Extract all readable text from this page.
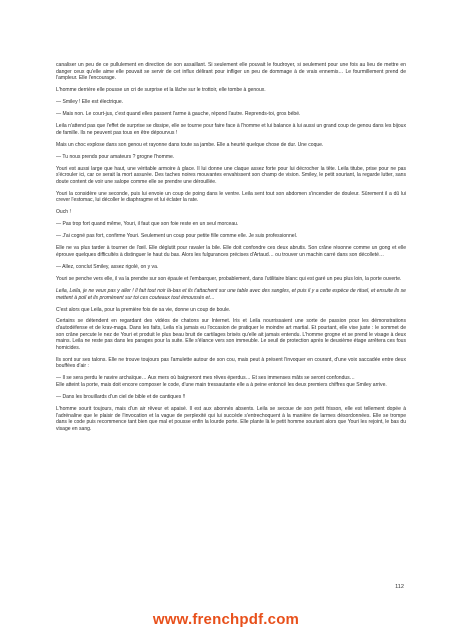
canaliser un peu de ce pullulement en direction de son assaillant. Si seulement elle pouvait le foudroyer, si seulement pour une fois au lieu de mettre en danger ceux qu'elle aime elle pouvait se servir de cet influx délirant pour infliger un peu de dommage à de vrais ennemis… Le fourmillement prend de l'ampleur. Elle l'encourage.

L'homme derrière elle pousse un cri de surprise et la lâche sur le trottoir, elle tombe à genoux.

— Smiley ! Elle est électrique.

— Mais non. Le court-jus, c'est quand elles passent l'arme à gauche, répond l'autre. Reprends-toi, gros bébé.

Leila n'attend pas que l'effet de surprise se dissipe, elle se tourne pour faire face à l'homme et lui balance à lui aussi un grand coup de genou dans les bijoux de famille. Ils ne peuvent pas tous en être dépourvus !

Mais un choc explose dans son genou et rayonne dans toute sa jambe. Elle a heurté quelque chose de dur. Une coque.

— Tu nous prends pour amateurs ? grogne l'homme.

Youri est aussi large que haut, une véritable armoire à glace. Il lui donne une claque assez forte pour lui décrocher la tête. Leila titube, prise pour ne pas s'écrouler ici, car ce serait la mort assurée. Des taches noires mouvantes envahissent son champ de vision. Smiley, le petit souriant, la regarde lutter, sans doute content de voir une salope comme elle se prendre une dérouillée.

Youri la considère une seconde, puis lui envoie un coup de poing dans le ventre. Leila sent tout son abdomen s'incendier de douleur. Sûrement il a dû lui crever l'estomac, lui décoller le diaphragme et lui éclater la rate.

Ouch !

— Pas trop fort quand même, Youri, il faut que son foie reste en un seul morceau.

— J'ai cogné pas fort, confirme Youri. Seulement un coup pour petite fille comme elle. Je suis professionnel.

Elle ne va plus tarder à tourner de l'œil. Elle déglutit pour ravaler la bile. Elle doit confondre ces deux abrutis. Son crâne résonne comme un gong et elle éprouve quelques difficultés à distinguer le haut du bas. Alors les fulgurances précises d'Artaud… ou trouver un machin carré dans son décolleté…

— Allez, conclut Smiley, assez rigolé, on y va.

Youri se penche vers elle, il va la prendre sur son épaule et l'embarquer, probablement, dans l'utilitaire blanc qui est garé un peu plus loin, la porte ouverte.

Leila, Leila, je ne veux pas y aller ! Il fait tout noir là-bas et ils t'attachent sur une table avec des sangles, et puis il y a cette espèce de rituel, et ensuite ils se mettent à poil et ils promènent sur toi ces couteaux tout émoussés et…

C'est alors que Leila, pour la première fois de sa vie, donne un coup de boule.

Certains se détendent en regardant des vidéos de chatons sur Internet. Iris et Leila nourrissaient une sorte de passion pour les démonstrations d'autodéfense et de krav-maga. Dans les faits, Leila n'a jamais eu l'occasion de pratiquer le moindre art martial. Et pourtant, elle vise juste : le sommet de son crâne percute le nez de Youri et produit le plus beau bruit de cartilages brisés qu'elle ait jamais entendu. L'homme grogne et se prend le visage à deux mains. Leila ne reste pas dans les parages pour la suite. Elle s'élance vers son immeuble. Le seuil de protection après le deuxième étage arrêtera ces fous homicides.

Ils sont sur ses talons. Elle ne trouve toujours pas l'amulette autour de son cou, mais peut à présent l'invoquer en courant, d'une voix saccadée entre deux bouffées d'air :

— Il se sera perdu le navire archaïque… Aux mers où baigneront mes rêves éperdus… Et ses immenses mâts se seront confondus…
Elle atteint la porte, mais doit encore composer le code, d'une main tressautante elle a à peine entoncé les deux premiers chiffres que Smiley arrive.

— Dans les brouillards d'un ciel de bible et de cantiques !!

L'homme sourit toujours, mais d'un air rêveur et apaisé. Il est aux abonnés absents. Leila se secoue de son petit frisson, elle est tellement dopée à l'adrénaline que le plaisir de l'invocation et la vague de perplexité qui lui succède s'entrechoquent à la manière de larmes désordonnées. Elle se trompe dans le code puis recommence tant bien que mal et pousse enfin la lourde porte. Elle plante là le petit homme souriant alors que Youri les rejoint, le bas du visage en sang.

112
www.frenchpdf.com
